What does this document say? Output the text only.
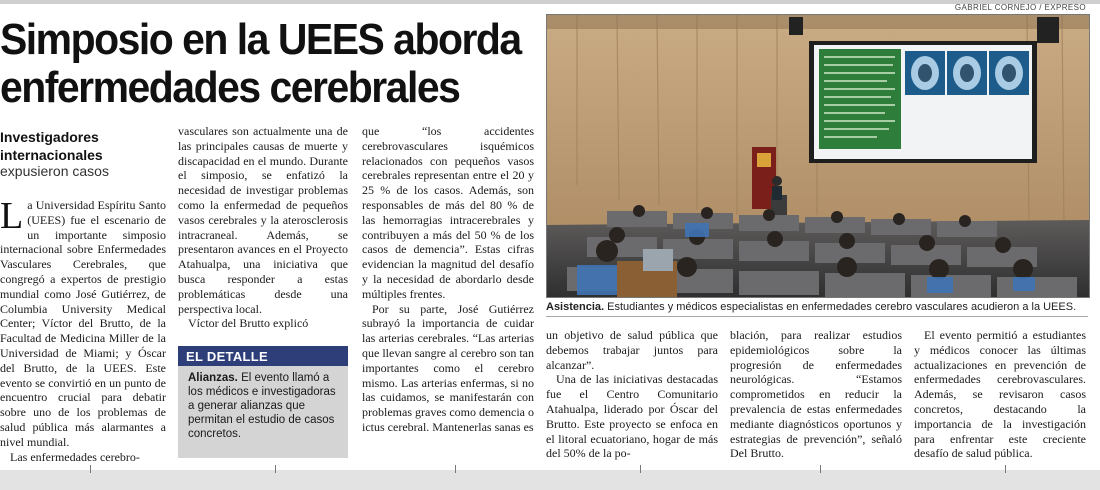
GABRIEL CORNEJO / EXPRESO
Simposio en la UEES aborda
enfermedades cerebrales
Investigadores internacionales
expusieron casos

La Universidad Espíritu Santo (UEES) fue el escenario de un importante simposio internacional sobre Enfermedades Vasculares Cerebrales, que congregó a expertos de prestigio mundial como José Gutiérrez, de Columbia University Medical Center; Víctor del Brutto, de la Facultad de Medicina Miller de la Universidad de Miami; y Óscar del Brutto, de la UEES. Este evento se convirtió en un punto de encuentro crucial para debatir sobre uno de los problemas de salud pública más alarmantes a nivel mundial.

Las enfermedades cerebro-

vasculares son actualmente una de las principales causas de muerte y discapacidad en el mundo. Durante el simposio, se enfatizó la necesidad de investigar problemas como la enfermedad de pequeños vasos cerebrales y la aterosclerosis intracraneal. Además, se presentaron avances en el Proyecto Atahualpa, una iniciativa que busca responder a estas problemáticas desde una perspectiva local.

Víctor del Brutto explicó

EL DETALLE
Alianzas. El evento llamó a los médicos e investigadoras a generar alianzas que permitan el estudio de casos concretos.

que “los accidentes cerebrovasculares isquémicos relacionados con pequeños vasos cerebrales representan entre el 20 y 25 % de los casos. Además, son responsables de más del 80 % de las hemorragias intracerebrales y contribuyen a más del 50 % de los casos de demencia”. Estas cifras evidencian la magnitud del desafío y la necesidad de abordarlo desde múltiples frentes.

Por su parte, José Gutiérrez subrayó la importancia de cuidar las arterias cerebrales. “Las arterias que llevan sangre al cerebro son tan importantes como el cerebro mismo. Las arterias enfermas, si no las cuidamos, se manifestarán con problemas graves como demencia o ictus cerebral. Mantenerlas sanas es

Asistencia. Estudiantes y médicos especialistas en enfermedades cerebro vasculares acudieron a la UEES.

un objetivo de salud pública que debemos trabajar juntos para alcanzar”.

Una de las iniciativas destacadas fue el Centro Comunitario Atahualpa, liderado por Óscar del Brutto. Este proyecto se enfoca en el litoral ecuatoriano, hogar de más del 50% de la po-

blación, para realizar estudios epidemiológicos sobre la progresión de enfermedades neurológicas. “Estamos comprometidos en reducir la prevalencia de estas enfermedades mediante diagnósticos oportunos y estrategias de prevención”, señaló Del Brutto.

El evento permitió a estudiantes y médicos conocer las últimas actualizaciones en prevención de enfermedades cerebrovasculares. Además, se revisaron casos concretos, destacando la importancia de la investigación para enfrentar este creciente desafío de salud pública.
